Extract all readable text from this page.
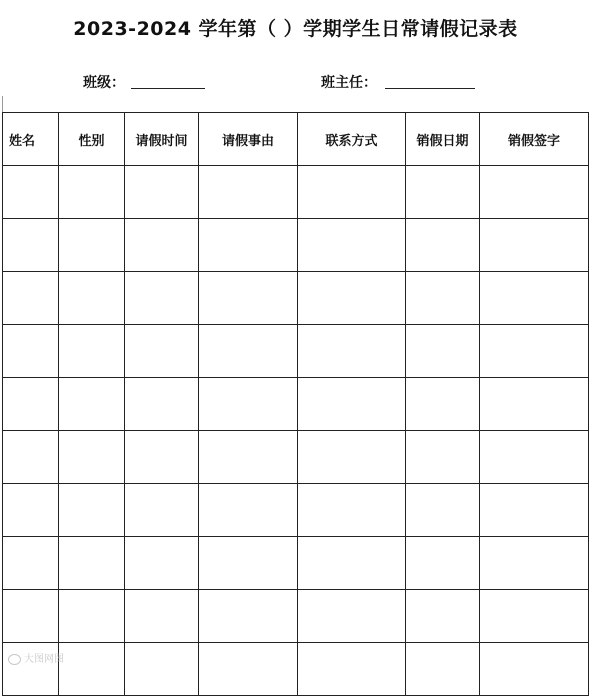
2023-2024 学年第（ ）学期学生日常请假记录表
班级：	班主任：
姓名	性别	请假时间	请假事由	联系方式	销假日期	销假签字

大图网图
